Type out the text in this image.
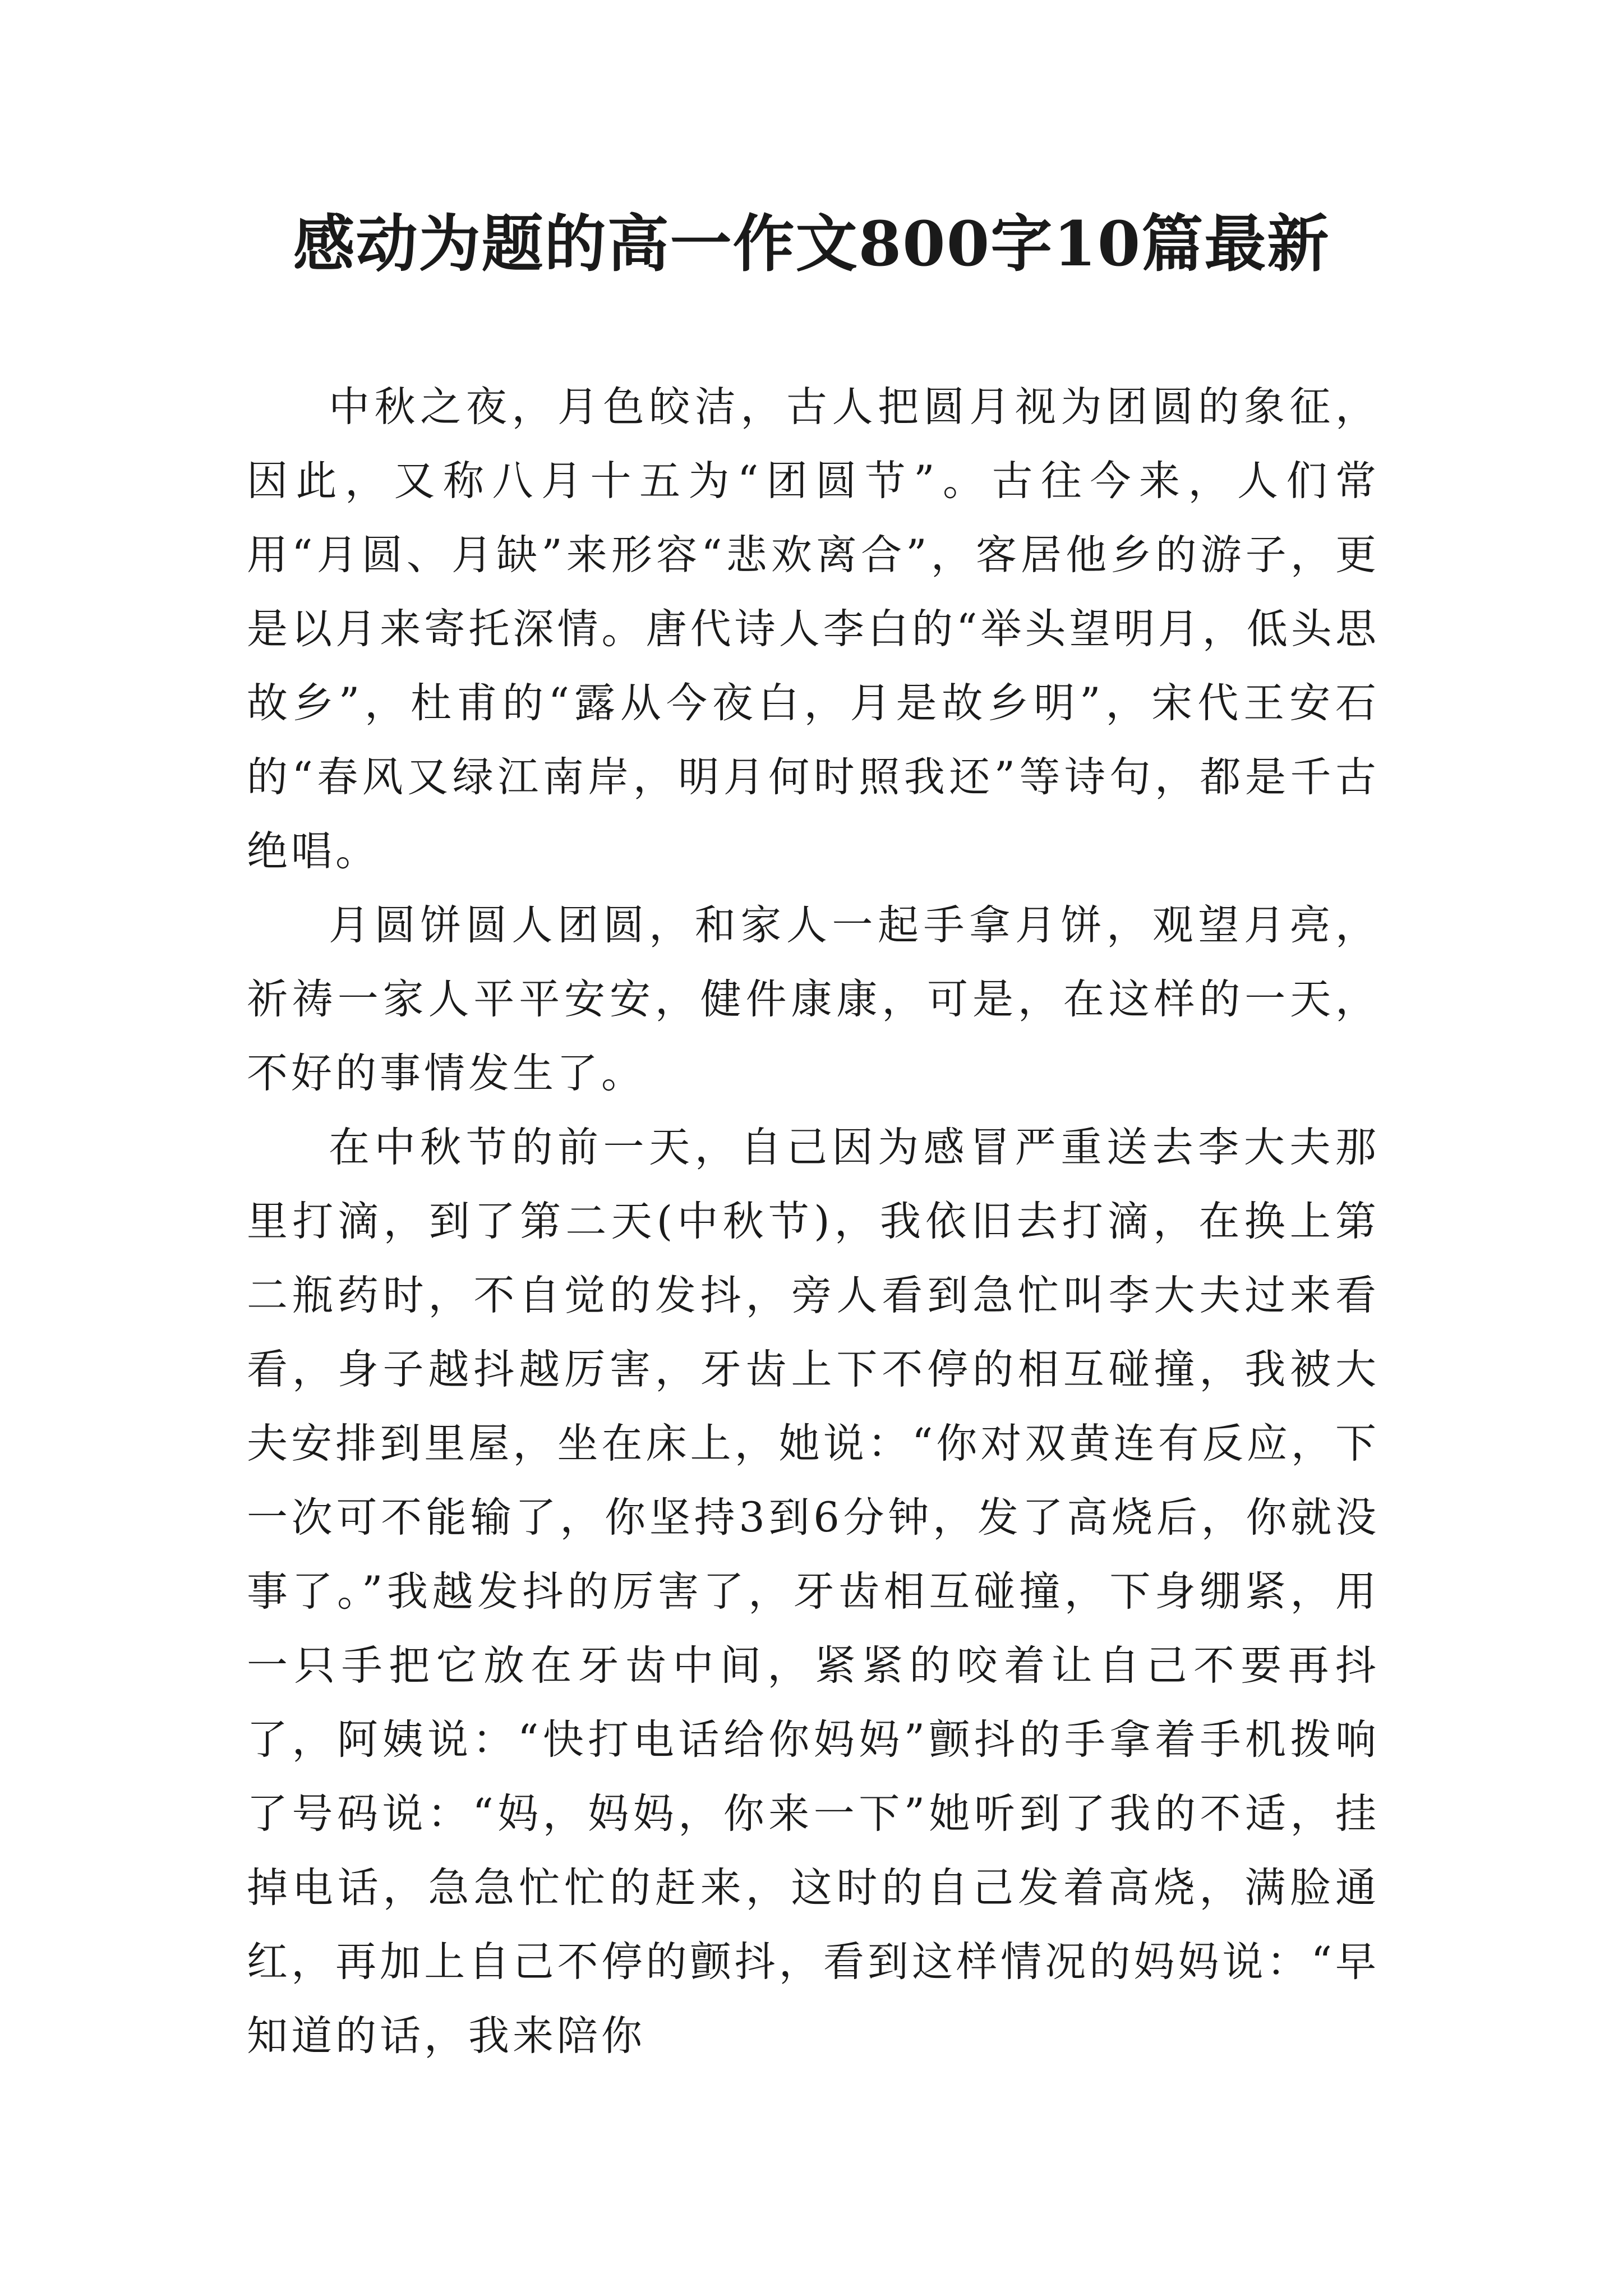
感动为题的高一作文800字10篇最新

中秋之夜，月色皎洁，古人把圆月视为团圆的象征，因此，又称八月十五为“团圆节”。古往今来，人们常用“月圆、月缺”来形容“悲欢离合”，客居他乡的游子，更是以月来寄托深情。唐代诗人李白的“举头望明月，低头思故乡”，杜甫的“露从今夜白，月是故乡明”，宋代王安石的“春风又绿江南岸，明月何时照我还”等诗句，都是千古绝唱。

月圆饼圆人团圆，和家人一起手拿月饼，观望月亮，祈祷一家人平平安安，健件康康，可是，在这样的一天，不好的事情发生了。

在中秋节的前一天，自己因为感冒严重送去李大夫那里打滴，到了第二天(中秋节)，我依旧去打滴，在换上第二瓶药时，不自觉的发抖，旁人看到急忙叫李大夫过来看看，身子越抖越厉害，牙齿上下不停的相互碰撞，我被大夫安排到里屋，坐在床上，她说：“你对双黄连有反应，下一次可不能输了，你坚持3到6分钟，发了高烧后，你就没事了。”我越发抖的厉害了，牙齿相互碰撞，下身绷紧，用一只手把它放在牙齿中间，紧紧的咬着让自己不要再抖了，阿姨说：“快打电话给你妈妈”颤抖的手拿着手机拨响了号码说：“妈，妈妈，你来一下”她听到了我的不适，挂掉电话，急急忙忙的赶来，这时的自己发着高烧，满脸通红，再加上自己不停的颤抖，看到这样情况的妈妈说：“早知道的话，我来陪你
